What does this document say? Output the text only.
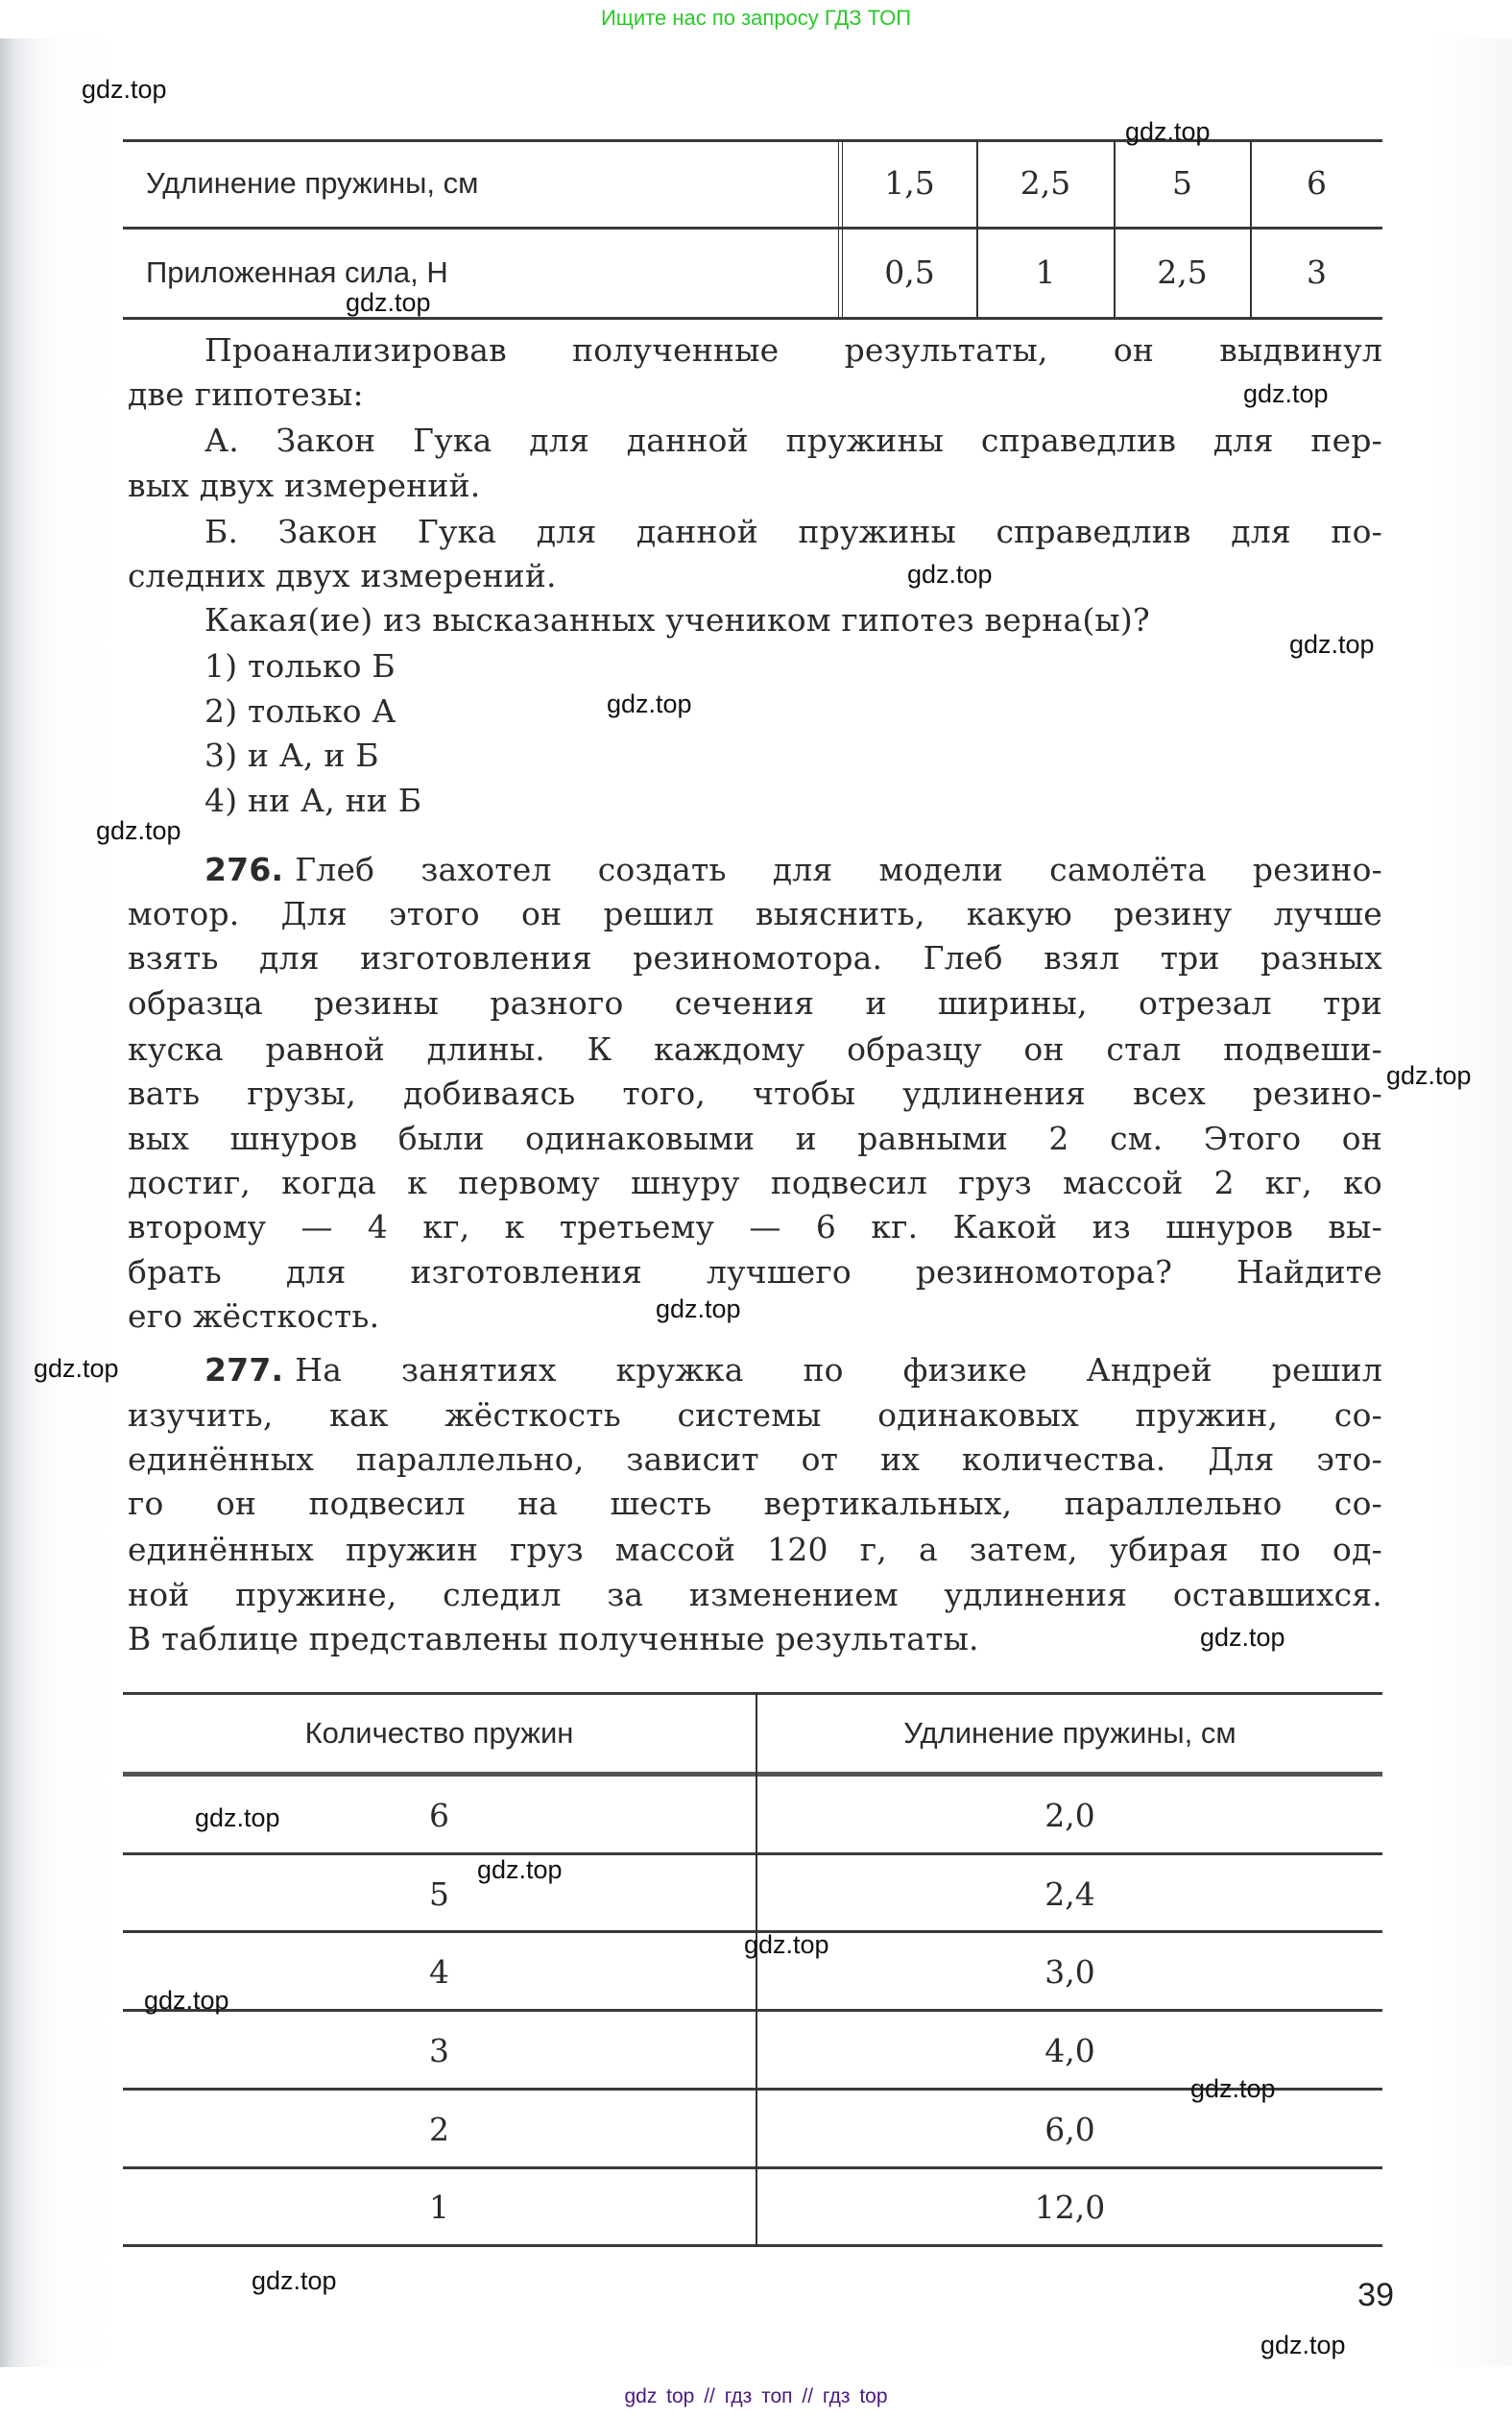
Ищите нас по запросу ГДЗ ТОП
Удлинение пружины, см	1,5	2,5	5	6
Приложенная сила, Н	0,5	1	2,5	3
Проанализировав полученные результаты, он выдвинул
две гипотезы:
А. Закон Гука для данной пружины справедлив для пер-
вых двух измерений.
Б. Закон Гука для данной пружины справедлив для по-
следних двух измерений.
Какая(ие) из высказанных учеником гипотез верна(ы)?
1) только Б
2) только А
3) и А, и Б
4) ни А, ни Б
276. Глеб захотел создать для модели самолёта резино-
мотор. Для этого он решил выяснить, какую резину лучше
взять для изготовления резиномотора. Глеб взял три разных
образца резины разного сечения и ширины, отрезал три
куска равной длины. К каждому образцу он стал подвеши-
вать грузы, добиваясь того, чтобы удлинения всех резино-
вых шнуров были одинаковыми и равными 2 см. Этого он
достиг, когда к первому шнуру подвесил груз массой 2 кг, ко
второму — 4 кг, к третьему — 6 кг. Какой из шнуров вы-
брать для изготовления лучшего резиномотора? Найдите
его жёсткость.
277. На занятиях кружка по физике Андрей решил
изучить, как жёсткость системы одинаковых пружин, со-
единённых параллельно, зависит от их количества. Для это-
го он подвесил на шесть вертикальных, параллельно со-
единённых пружин груз массой 120 г, а затем, убирая по од-
ной пружине, следил за изменением удлинения оставшихся.
В таблице представлены полученные результаты.
Количество пружин	Удлинение пружины, см
6	2,0
5	2,4
4	3,0
3	4,0
2	6,0
1	12,0
39
gdz.top
gdz.top
gdz.top
gdz.top
gdz.top
gdz.top
gdz.top
gdz.top
gdz.top
gdz.top
gdz.top
gdz.top
gdz.top
gdz.top
gdz.top
gdz.top
gdz.top
gdz.top
gdz.top
gdz top // гдз топ // гдз top
